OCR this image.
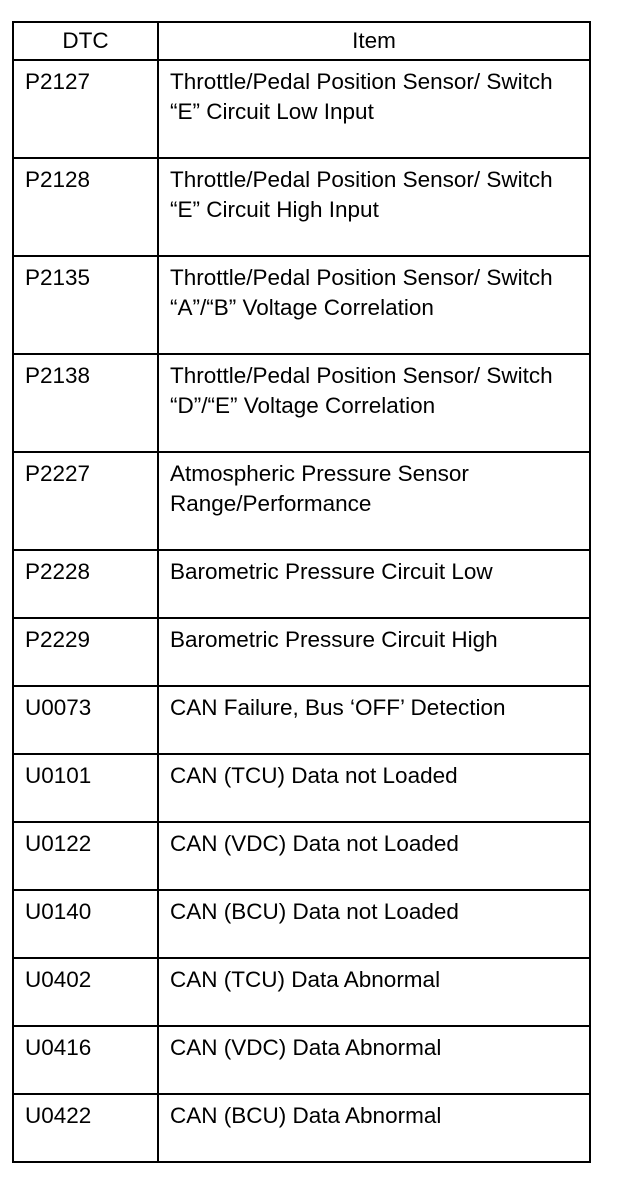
DTC	Item
P2127	Throttle/Pedal Position Sensor/ Switch “E” Circuit Low Input
P2128	Throttle/Pedal Position Sensor/ Switch “E” Circuit High Input
P2135	Throttle/Pedal Position Sensor/ Switch “A”/“B” Voltage Correlation
P2138	Throttle/Pedal Position Sensor/ Switch “D”/“E” Voltage Correlation
P2227	Atmospheric Pressure Sensor Range/Performance
P2228	Barometric Pressure Circuit Low
P2229	Barometric Pressure Circuit High
U0073	CAN Failure, Bus ‘OFF’ Detection
U0101	CAN (TCU) Data not Loaded
U0122	CAN (VDC) Data not Loaded
U0140	CAN (BCU) Data not Loaded
U0402	CAN (TCU) Data Abnormal
U0416	CAN (VDC) Data Abnormal
U0422	CAN (BCU) Data Abnormal
